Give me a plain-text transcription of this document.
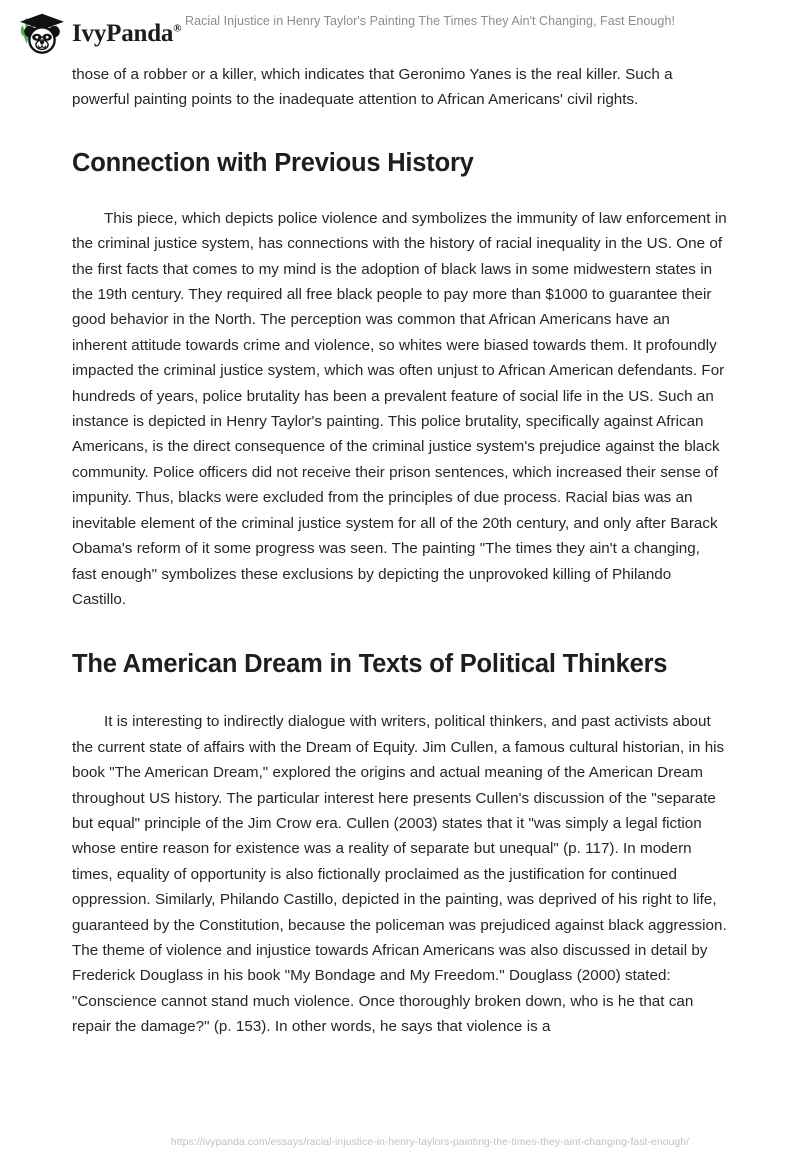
IvyPanda®
Racial Injustice in Henry Taylor's Painting The Times They Ain't Changing, Fast Enough!

those of a robber or a killer, which indicates that Geronimo Yanes is the real killer. Such a powerful painting points to the inadequate attention to African Americans' civil rights.

Connection with Previous History

This piece, which depicts police violence and symbolizes the immunity of law enforcement in the criminal justice system, has connections with the history of racial inequality in the US. One of the first facts that comes to my mind is the adoption of black laws in some midwestern states in the 19th century. They required all free black people to pay more than $1000 to guarantee their good behavior in the North. The perception was common that African Americans have an inherent attitude towards crime and violence, so whites were biased towards them. It profoundly impacted the criminal justice system, which was often unjust to African American defendants. For hundreds of years, police brutality has been a prevalent feature of social life in the US. Such an instance is depicted in Henry Taylor's painting. This police brutality, specifically against African Americans, is the direct consequence of the criminal justice system's prejudice against the black community. Police officers did not receive their prison sentences, which increased their sense of impunity. Thus, blacks were excluded from the principles of due process. Racial bias was an inevitable element of the criminal justice system for all of the 20th century, and only after Barack Obama's reform of it some progress was seen. The painting "The times they ain't a changing, fast enough" symbolizes these exclusions by depicting the unprovoked killing of Philando Castillo.

The American Dream in Texts of Political Thinkers

It is interesting to indirectly dialogue with writers, political thinkers, and past activists about the current state of affairs with the Dream of Equity. Jim Cullen, a famous cultural historian, in his book "The American Dream," explored the origins and actual meaning of the American Dream throughout US history. The particular interest here presents Cullen's discussion of the "separate but equal" principle of the Jim Crow era. Cullen (2003) states that it "was simply a legal fiction whose entire reason for existence was a reality of separate but unequal" (p. 117). In modern times, equality of opportunity is also fictionally proclaimed as the justification for continued oppression. Similarly, Philando Castillo, depicted in the painting, was deprived of his right to life, guaranteed by the Constitution, because the policeman was prejudiced against black aggression. The theme of violence and injustice towards African Americans was also discussed in detail by Frederick Douglass in his book "My Bondage and My Freedom." Douglass (2000) stated: "Conscience cannot stand much violence. Once thoroughly broken down, who is he that can repair the damage?" (p. 153). In other words, he says that violence is a

https://ivypanda.com/essays/racial-injustice-in-henry-taylors-painting-the-times-they-aint-changing-fast-enough/
